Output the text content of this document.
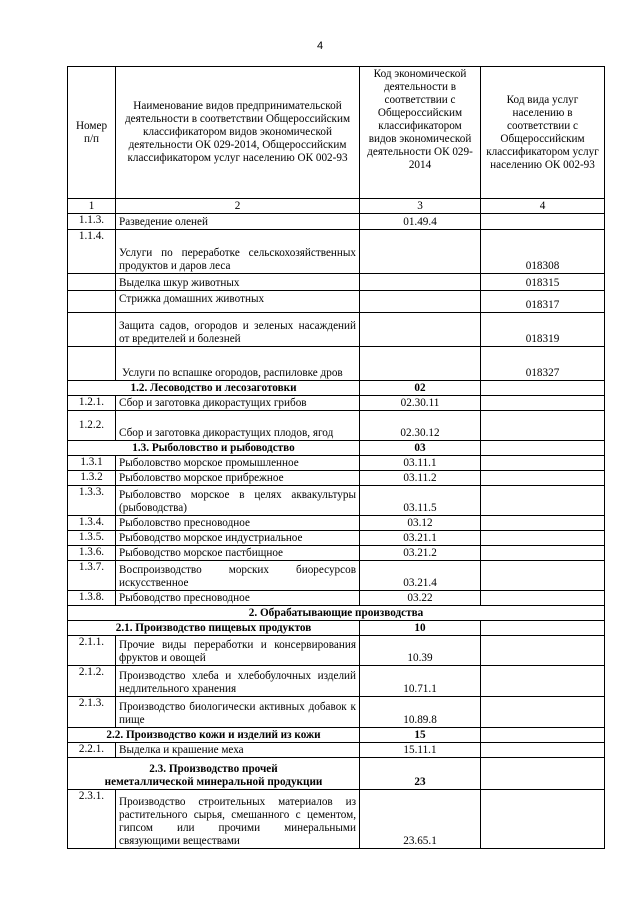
4
Номер п/п	Наименование видов предпринимательской деятельности в соответствии Общероссийским классификатором видов экономической деятельности ОК 029-2014, Общероссийским классификатором услуг населению ОК 002-93	Код экономической деятельности в соответствии с Общероссийским классификатором видов экономической деятельности ОК 029-2014	Код вида услуг населению в соответствии с Общероссийским классификатором услуг населению ОК 002-93
1	2	3	4
1.1.3.	Разведение оленей	01.49.4	
1.1.4.	Услуги по переработке сельскохозяйственных продуктов и даров леса		018308
	Выделка шкур животных		018315
	Стрижка домашних животных		018317
	Защита садов, огородов и зеленых насаждений от вредителей и болезней		018319
	Услуги по вспашке огородов, распиловке дров		018327
1.2. Лесоводство и лесозаготовки		02	
1.2.1.	Сбор и заготовка дикорастущих грибов	02.30.11	
1.2.2.	Сбор и заготовка дикорастущих плодов, ягод	02.30.12	
1.3. Рыболовство и рыбоводство		03	
1.3.1	Рыболовство морское промышленное	03.11.1	
1.3.2	Рыболовство морское прибрежное	03.11.2	
1.3.3.	Рыболовство морское в целях аквакультуры (рыбоводства)	03.11.5	
1.3.4.	Рыболовство пресноводное	03.12	
1.3.5.	Рыбоводство морское индустриальное	03.21.1	
1.3.6.	Рыбоводство морское пастбищное	03.21.2	
1.3.7.	Воспроизводство морских биоресурсов искусственное	03.21.4	
1.3.8.	Рыбоводство пресноводное	03.22	
2. Обрабатывающие производства			
2.1. Производство пищевых продуктов		10	
2.1.1.	Прочие виды переработки и консервирования фруктов и овощей	10.39	
2.1.2.	Производство хлеба и хлебобулочных изделий недлительного хранения	10.71.1	
2.1.3.	Производство биологически активных добавок к пище	10.89.8	
2.2. Производство кожи и изделий из кожи		15	
2.2.1.	Выделка и крашение меха	15.11.1	
2.3. Производство прочей неметаллической минеральной продукции		23	
2.3.1.	Производство строительных материалов из растительного сырья, смешанного с цементом, гипсом или прочими минеральными связующими веществами	23.65.1	
